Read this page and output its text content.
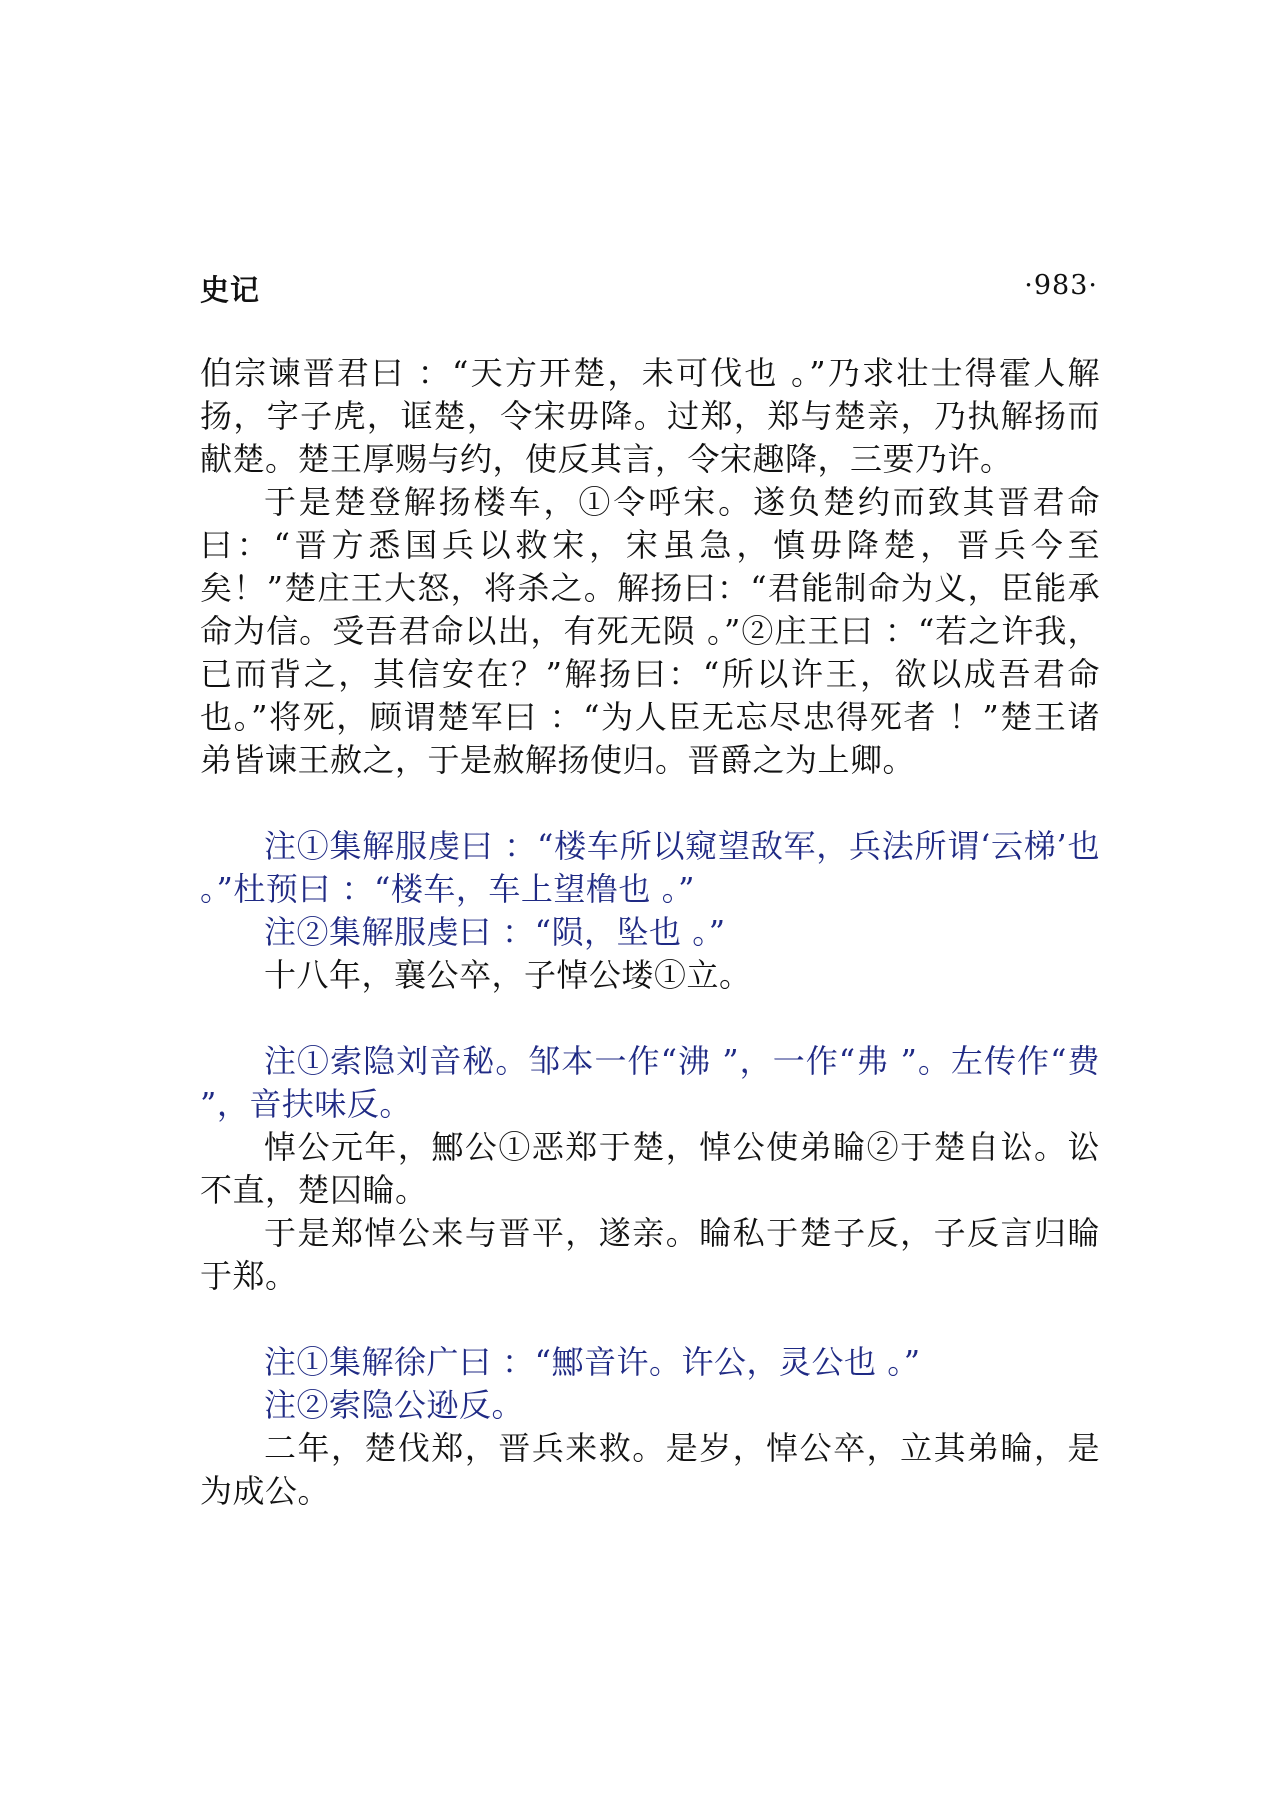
史记	·983·

伯宗谏晋君曰 ：“天方开楚，未可伐也 。”乃求壮士得霍人解扬，字子虎，诓楚，令宋毋降。过郑，郑与楚亲，乃执解扬而献楚。楚王厚赐与约，使反其言，令宋趣降，三要乃许。

于是楚登解扬楼车，①令呼宋。遂负楚约而致其晋君命曰：“晋方悉国兵以救宋，宋虽急，慎毋降楚，晋兵今至矣！”楚庄王大怒，将杀之。解扬曰：“君能制命为义，臣能承命为信。受吾君命以出，有死无陨 。”②庄王曰 ：“若之许我，已而背之，其信安在？”解扬曰：“所以许王，欲以成吾君命也。”将死，顾谓楚军曰 ：“为人臣无忘尽忠得死者 ！”楚王诸弟皆谏王赦之，于是赦解扬使归。晋爵之为上卿。

注①集解服虔曰 ：“楼车所以窥望敌军，兵法所谓‘云梯’也 。”杜预曰 ：“楼车，车上望橹也 。”

注②集解服虔曰 ：“陨，坠也 。”

十八年，襄公卒，子悼公𪣻①立。

注①索隐刘音秘。邹本一作“沸 ”，一作“弗 ”。左传作“费 ”，音扶味反。

悼公元年，鄦公①恶郑于楚，悼公使弟睔②于楚自讼。讼不直，楚囚睔。

于是郑悼公来与晋平，遂亲。睔私于楚子反，子反言归睔于郑。

注①集解徐广曰 ：“鄦音许。许公，灵公也 。”

注②索隐公逊反。

二年，楚伐郑，晋兵来救。是岁，悼公卒，立其弟睔，是为成公。
